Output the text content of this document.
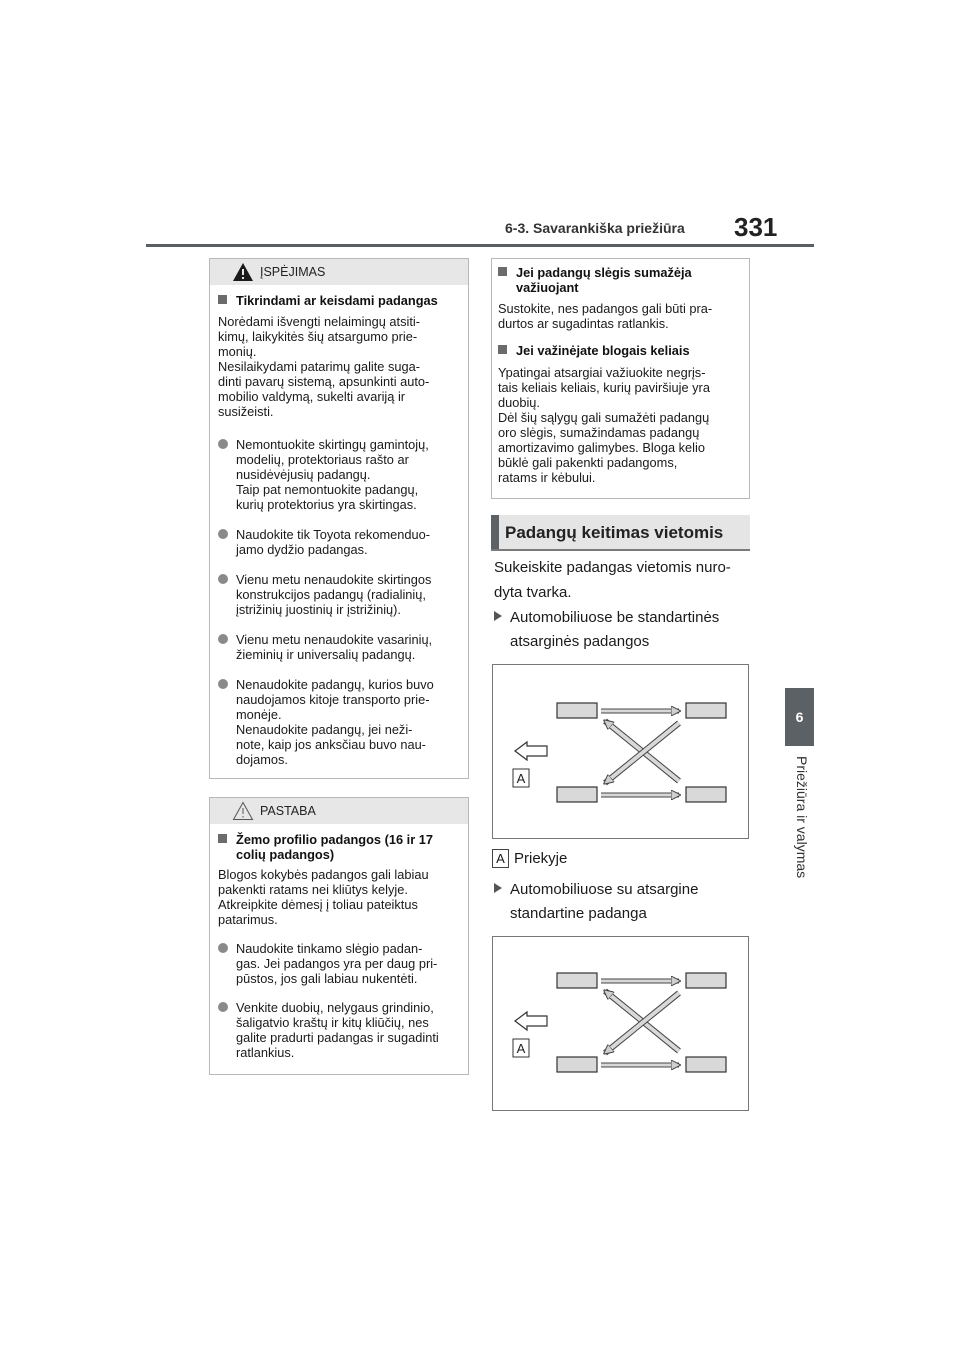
6-3. Savarankiška priežiūra 331
6
Priežiūra ir valymas
ĮSPĖJIMAS
Tikrindami ar keisdami padangas
Norėdami išvengti nelaimingų atsiti-
kimų, laikykitės šių atsargumo prie-
monių.
Nesilaikydami patarimų galite suga-
dinti pavarų sistemą, apsunkinti auto-
mobilio valdymą, sukelti avariją ir
susižeisti.
Nemontuokite skirtingų gamintojų,
modelių, protektoriaus rašto ar
nusidėvėjusių padangų.
Taip pat nemontuokite padangų,
kurių protektorius yra skirtingas.
Naudokite tik Toyota rekomenduo-
jamo dydžio padangas.
Vienu metu nenaudokite skirtingos
konstrukcijos padangų (radialinių,
įstrižinių juostinių ir įstrižinių).
Vienu metu nenaudokite vasarinių,
žieminių ir universalių padangų.
Nenaudokite padangų, kurios buvo
naudojamos kitoje transporto prie-
monėje.
Nenaudokite padangų, jei neži-
note, kaip jos anksčiau buvo nau-
dojamos.
PASTABA
Žemo profilio padangos (16 ir 17
colių padangos)
Blogos kokybės padangos gali labiau
pakenkti ratams nei kliūtys kelyje.
Atkreipkite dėmesį į toliau pateiktus
patarimus.
Naudokite tinkamo slėgio padan-
gas. Jei padangos yra per daug pri-
pūstos, jos gali labiau nukentėti.
Venkite duobių, nelygaus grindinio,
šaligatvio kraštų ir kitų kliūčių, nes
galite pradurti padangas ir sugadinti
ratlankius.
Jei padangų slėgis sumažėja
važiuojant
Sustokite, nes padangos gali būti pra-
durtos ar sugadintas ratlankis.
Jei važinėjate blogais keliais
Ypatingai atsargiai važiuokite negrįs-
tais keliais keliais, kurių paviršiuje yra
duobių.
Dėl šių sąlygų gali sumažėti padangų
oro slėgis, sumažindamas padangų
amortizavimo galimybes. Bloga kelio
būklė gali pakenkti padangoms,
ratams ir kėbului.
Padangų keitimas vietomis
Sukeiskite padangas vietomis nuro-
dyta tvarka.
Automobiliuose be standartinės
atsarginės padangos
A
A Priekyje
Automobiliuose su atsargine
standartine padanga
A
